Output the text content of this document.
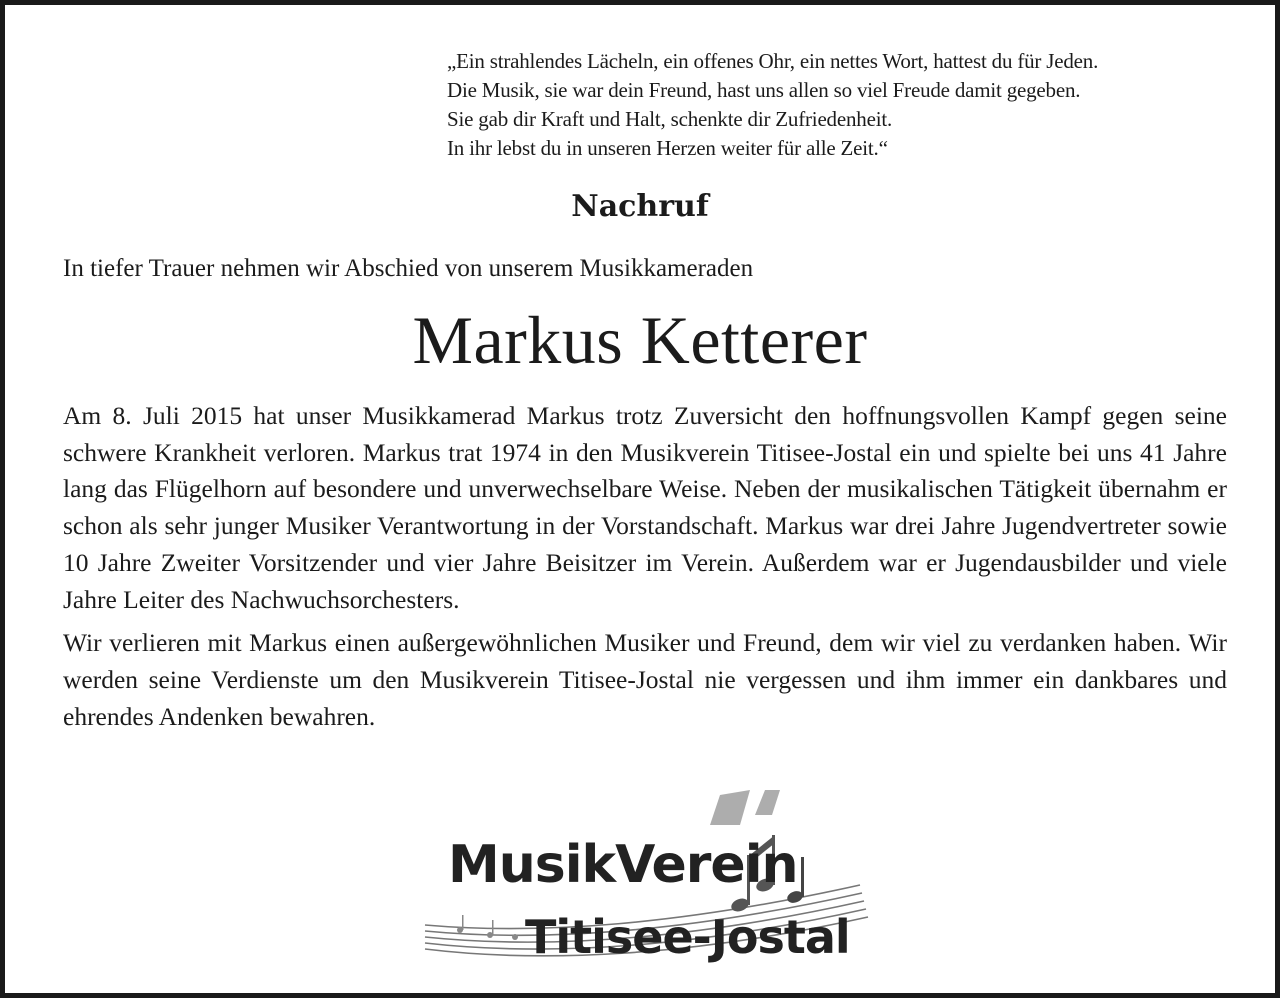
„Ein strahlendes Lächeln, ein offenes Ohr, ein nettes Wort, hattest du für Jeden.
Die Musik, sie war dein Freund, hast uns allen so viel Freude damit gegeben.
Sie gab dir Kraft und Halt, schenkte dir Zufriedenheit.
In ihr lebst du in unseren Herzen weiter für alle Zeit.“
Nachruf
In tiefer Trauer nehmen wir Abschied von unserem Musikkameraden
Markus Ketterer

Am 8. Juli 2015 hat unser Musikkamerad Markus trotz Zuversicht den hoffnungsvollen Kampf gegen seine schwere Krankheit verloren. Markus trat 1974 in den Musikverein Titisee-Jostal ein und spielte bei uns 41 Jahre lang das Flügelhorn auf besondere und unverwechselbare Weise. Neben der musikalischen Tätigkeit übernahm er schon als sehr junger Musiker Verantwortung in der Vorstandschaft. Markus war drei Jahre Jugendvertreter sowie 10 Jahre Zweiter Vorsitzender und vier Jahre Beisitzer im Verein. Außerdem war er Jugendausbilder und viele Jahre Leiter des Nachwuchsorchesters.

Wir verlieren mit Markus einen außergewöhnlichen Musiker und Freund, dem wir viel zu verdanken haben. Wir werden seine Verdienste um den Musikverein Titisee-Jostal nie vergessen und ihm immer ein dankbares und ehrendes Andenken bewahren.

MusikVerein
Titisee-Jostal
